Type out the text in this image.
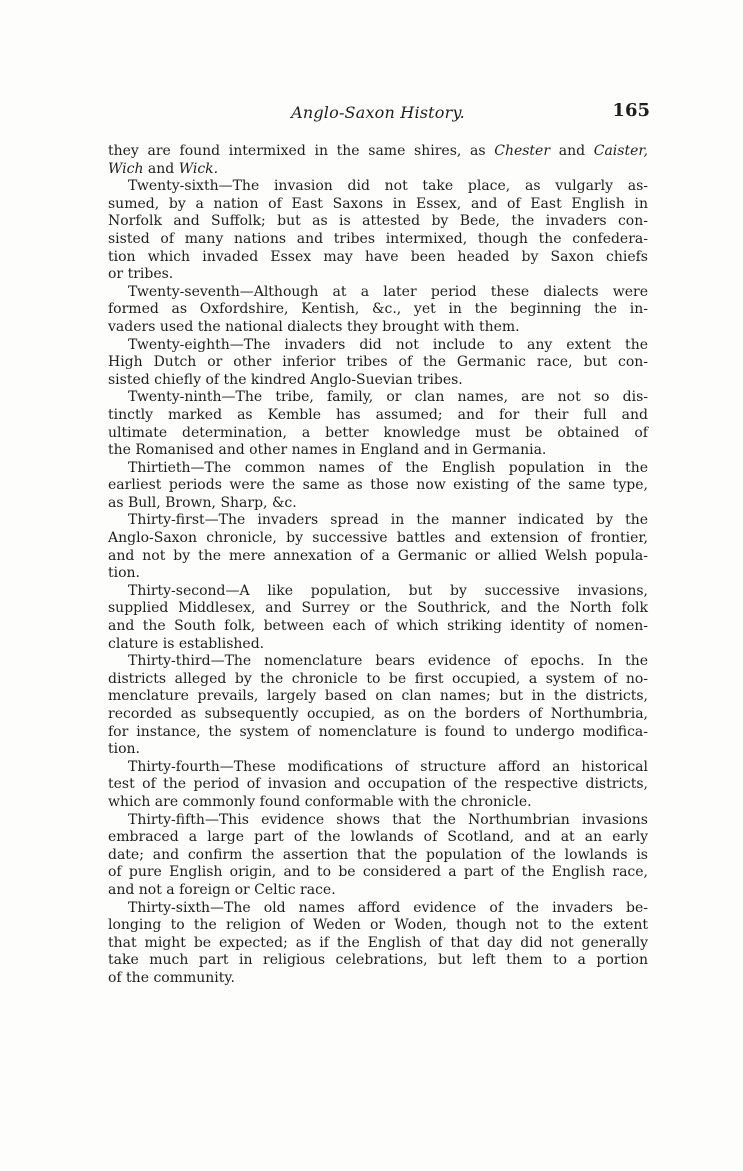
Anglo-Saxon History.	165

they are found intermixed in the same shires, as Chester and Caister,
Wich and Wick.

Twenty-sixth—The invasion did not take place, as vulgarly as-
sumed, by a nation of East Saxons in Essex, and of East English in
Norfolk and Suffolk; but as is attested by Bede, the invaders con-
sisted of many nations and tribes intermixed, though the confedera-
tion which invaded Essex may have been headed by Saxon chiefs
or tribes.

Twenty-seventh—Although at a later period these dialects were
formed as Oxfordshire, Kentish, &c., yet in the beginning the in-
vaders used the national dialects they brought with them.

Twenty-eighth—The invaders did not include to any extent the
High Dutch or other inferior tribes of the Germanic race, but con-
sisted chiefly of the kindred Anglo-Suevian tribes.

Twenty-ninth—The tribe, family, or clan names, are not so dis-
tinctly marked as Kemble has assumed; and for their full and
ultimate determination, a better knowledge must be obtained of
the Romanised and other names in England and in Germania.

Thirtieth—The common names of the English population in the
earliest periods were the same as those now existing of the same type,
as Bull, Brown, Sharp, &c.

Thirty-first—The invaders spread in the manner indicated by the
Anglo-Saxon chronicle, by successive battles and extension of frontier,
and not by the mere annexation of a Germanic or allied Welsh popula-
tion.

Thirty-second—A like population, but by successive invasions,
supplied Middlesex, and Surrey or the Southrick, and the North folk
and the South folk, between each of which striking identity of nomen-
clature is established.

Thirty-third—The nomenclature bears evidence of epochs. In the
districts alleged by the chronicle to be first occupied, a system of no-
menclature prevails, largely based on clan names; but in the districts,
recorded as subsequently occupied, as on the borders of Northumbria,
for instance, the system of nomenclature is found to undergo modifica-
tion.

Thirty-fourth—These modifications of structure afford an historical
test of the period of invasion and occupation of the respective districts,
which are commonly found conformable with the chronicle.

Thirty-fifth—This evidence shows that the Northumbrian invasions
embraced a large part of the lowlands of Scotland, and at an early
date; and confirm the assertion that the population of the lowlands is
of pure English origin, and to be considered a part of the English race,
and not a foreign or Celtic race.

Thirty-sixth—The old names afford evidence of the invaders be-
longing to the religion of Weden or Woden, though not to the extent
that might be expected; as if the English of that day did not generally
take much part in religious celebrations, but left them to a portion
of the community.
